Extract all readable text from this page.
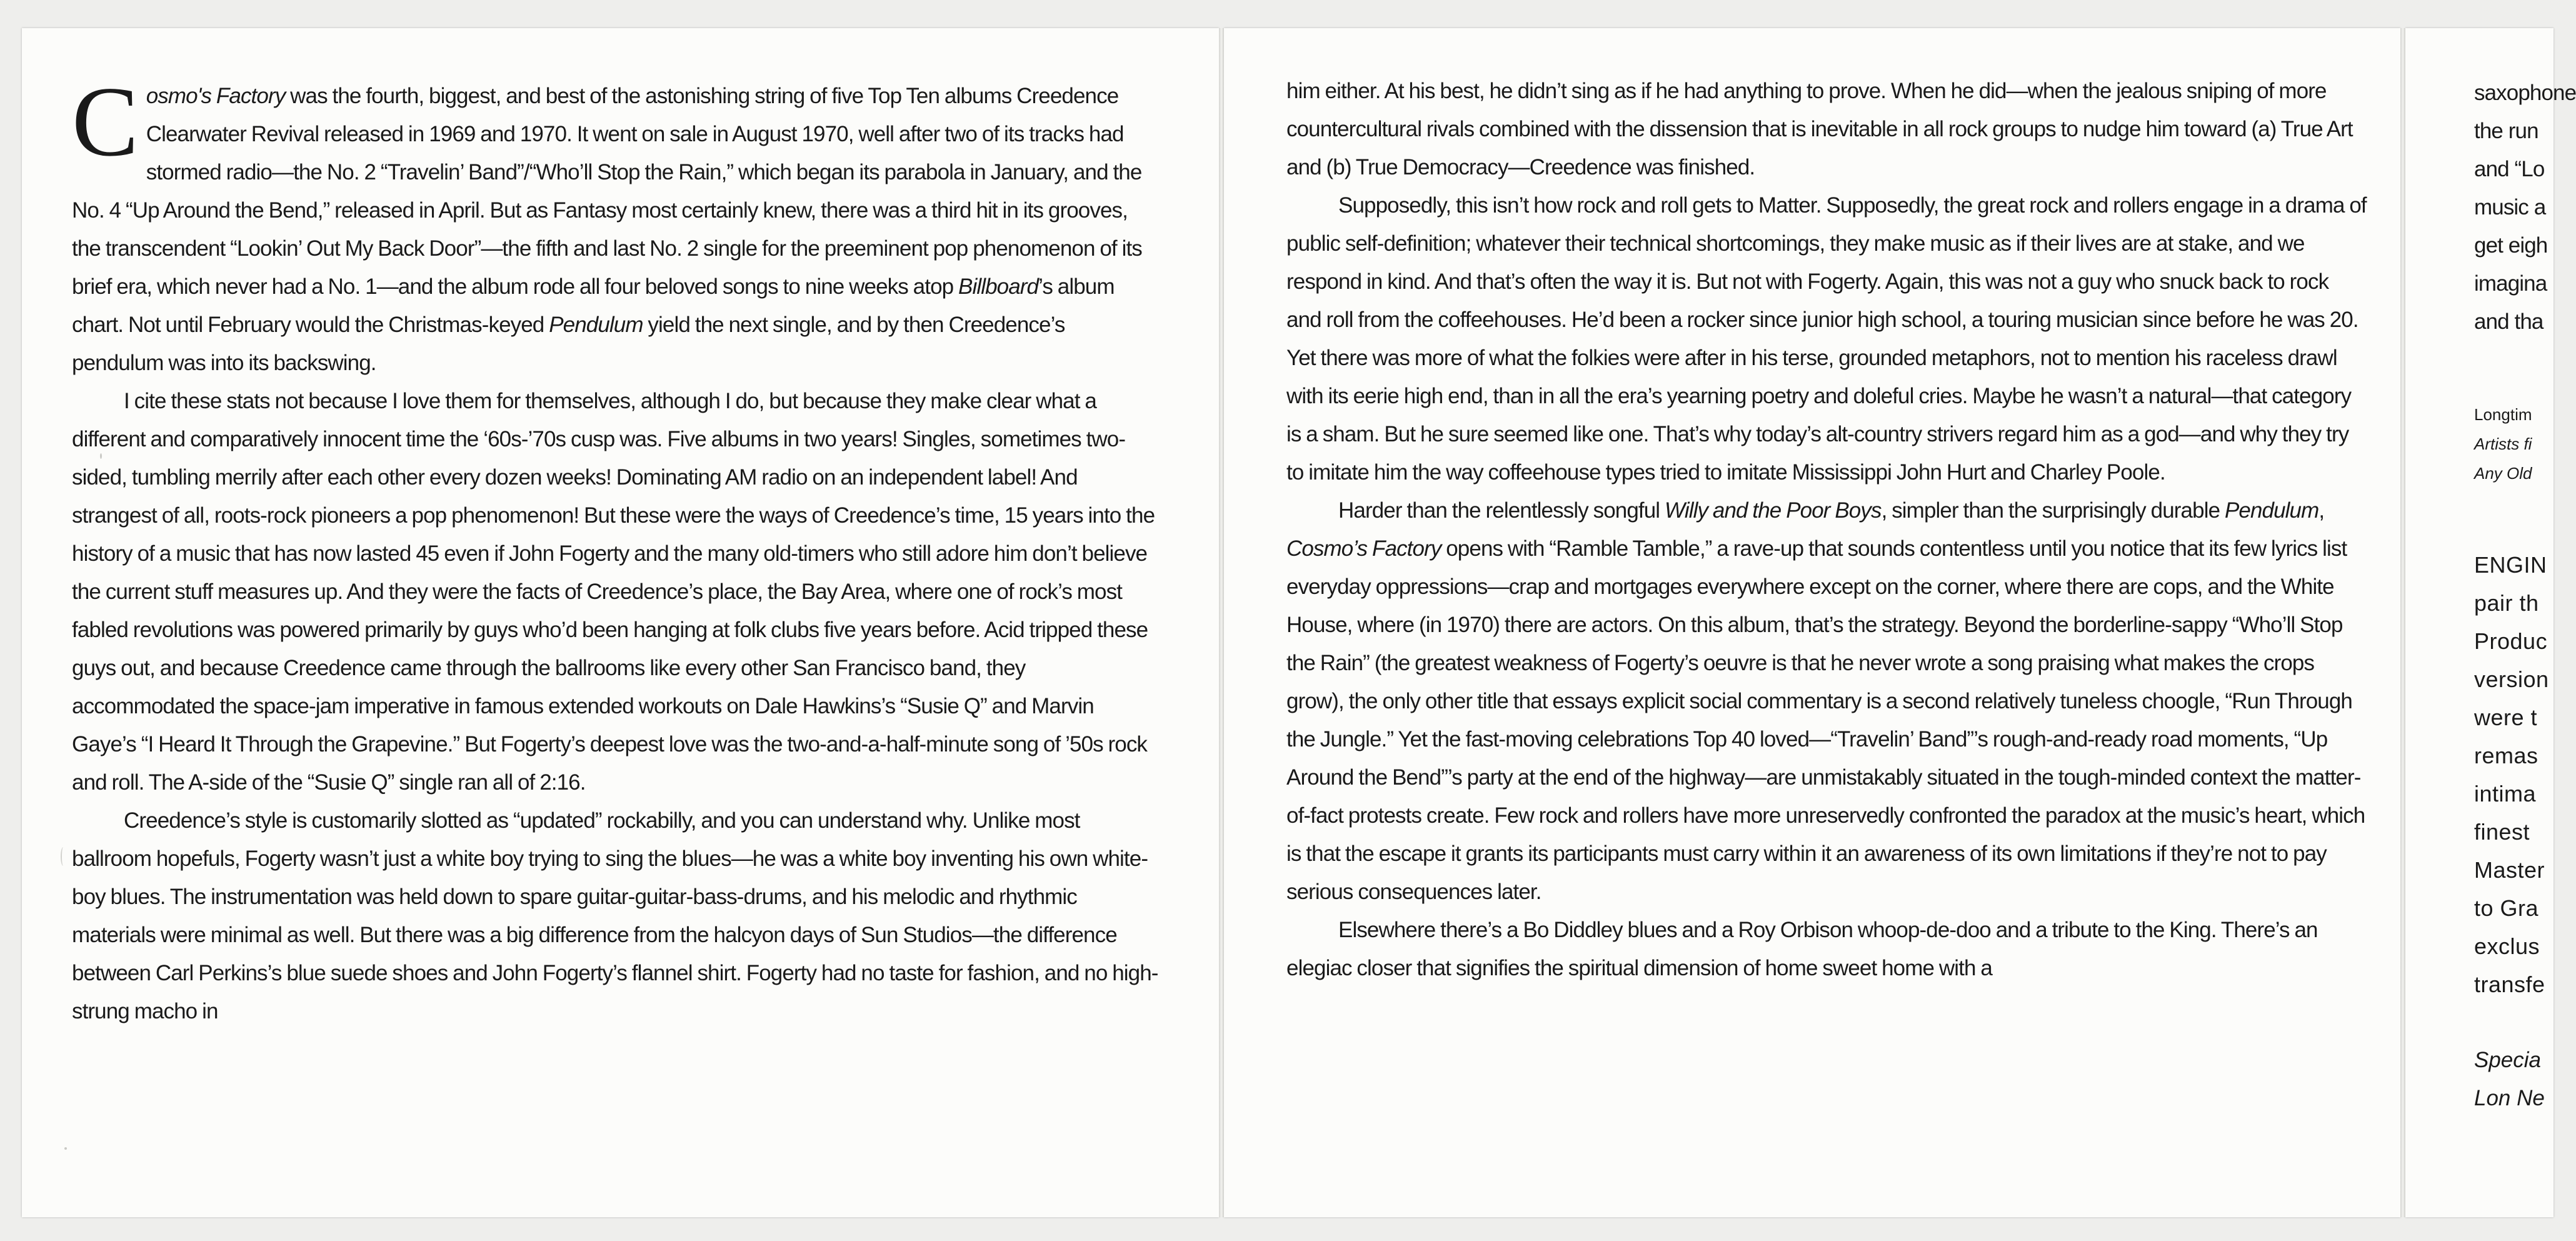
C osmo's Factory was the fourth, biggest, and best of the astonishing string of five Top Ten albums Creedence Clearwater Revival released in 1969 and 1970. It went on sale in August 1970, well after two of its tracks had stormed radio—the No. 2 “Travelin’ Band”/“Who’ll Stop the Rain,” which began its parabola in January, and the No. 4 “Up Around the Bend,” released in April. But as Fantasy most certainly knew, there was a third hit in its grooves, the transcendent “Lookin’ Out My Back Door”—the fifth and last No. 2 single for the preeminent pop phenomenon of its brief era, which never had a No. 1—and the album rode all four beloved songs to nine weeks atop Billboard’s album chart. Not until February would the Christmas-keyed Pendulum yield the next single, and by then Creedence’s pendulum was into its backswing.

I cite these stats not because I love them for themselves, although I do, but because they make clear what a different and comparatively innocent time the ‘60s-’70s cusp was. Five albums in two years! Singles, sometimes two-sided, tumbling merrily after each other every dozen weeks! Dominating AM radio on an independent label! And strangest of all, roots-rock pioneers a pop phenomenon! But these were the ways of Creedence’s time, 15 years into the history of a music that has now lasted 45 even if John Fogerty and the many old-timers who still adore him don’t believe the current stuff measures up. And they were the facts of Creedence’s place, the Bay Area, where one of rock’s most fabled revolutions was powered primarily by guys who’d been hanging at folk clubs five years before. Acid tripped these guys out, and because Creedence came through the ballrooms like every other San Francisco band, they accommodated the space-jam imperative in famous extended workouts on Dale Hawkins’s “Susie Q” and Marvin Gaye’s “I Heard It Through the Grapevine.” But Fogerty’s deepest love was the two-and-a-half-minute song of ’50s rock and roll. The A-side of the “Susie Q” single ran all of 2:16.

Creedence’s style is customarily slotted as “updated” rockabilly, and you can understand why. Unlike most ballroom hopefuls, Fogerty wasn’t just a white boy trying to sing the blues—he was a white boy inventing his own white-boy blues. The instrumentation was held down to spare guitar-guitar-bass-drums, and his melodic and rhythmic materials were minimal as well. But there was a big difference from the halcyon days of Sun Studios—the difference between Carl Perkins’s blue suede shoes and John Fogerty’s flannel shirt. Fogerty had no taste for fashion, and no high-strung macho in

him either. At his best, he didn’t sing as if he had anything to prove. When he did—when the jealous sniping of more countercultural rivals combined with the dissension that is inevitable in all rock groups to nudge him toward (a) True Art and (b) True Democracy—Creedence was finished.

Supposedly, this isn’t how rock and roll gets to Matter. Supposedly, the great rock and rollers engage in a drama of public self-definition; whatever their technical shortcomings, they make music as if their lives are at stake, and we respond in kind. And that’s often the way it is. But not with Fogerty. Again, this was not a guy who snuck back to rock and roll from the coffeehouses. He’d been a rocker since junior high school, a touring musician since before he was 20. Yet there was more of what the folkies were after in his terse, grounded metaphors, not to mention his raceless drawl with its eerie high end, than in all the era’s yearning poetry and doleful cries. Maybe he wasn’t a natural—that category is a sham. But he sure seemed like one. That’s why today’s alt-country strivers regard him as a god—and why they try to imitate him the way coffeehouse types tried to imitate Mississippi John Hurt and Charley Poole.

Harder than the relentlessly songful Willy and the Poor Boys, simpler than the surprisingly durable Pendulum, Cosmo’s Factory opens with “Ramble Tamble,” a rave-up that sounds contentless until you notice that its few lyrics list everyday oppressions—crap and mortgages everywhere except on the corner, where there are cops, and the White House, where (in 1970) there are actors. On this album, that’s the strategy. Beyond the borderline-sappy “Who’ll Stop the Rain” (the greatest weakness of Fogerty’s oeuvre is that he never wrote a song praising what makes the crops grow), the only other title that essays explicit social commentary is a second relatively tuneless choogle, “Run Through the Jungle.” Yet the fast-moving celebrations Top 40 loved—“Travelin’ Band”’s rough-and-ready road moments, “Up Around the Bend”’s party at the end of the highway—are unmistakably situated in the tough-minded context the matter-of-fact protests create. Few rock and rollers have more unreservedly confronted the paradox at the music’s heart, which is that the escape it grants its participants must carry within it an awareness of its own limitations if they’re not to pay serious consequences later.

Elsewhere there’s a Bo Diddley blues and a Roy Orbison whoop-de-doo and a tribute to the King. There’s an elegiac closer that signifies the spiritual dimension of home sweet home with a

saxophone
the run
and “Lo
music a
get eigh
imagina
and tha
Longtim
Artists fi
Any Old
ENGIN
pair th
Produc
version
were t
remas
intima
finest
Master
to Gra
exclus
transfe
Specia
Lon Ne
